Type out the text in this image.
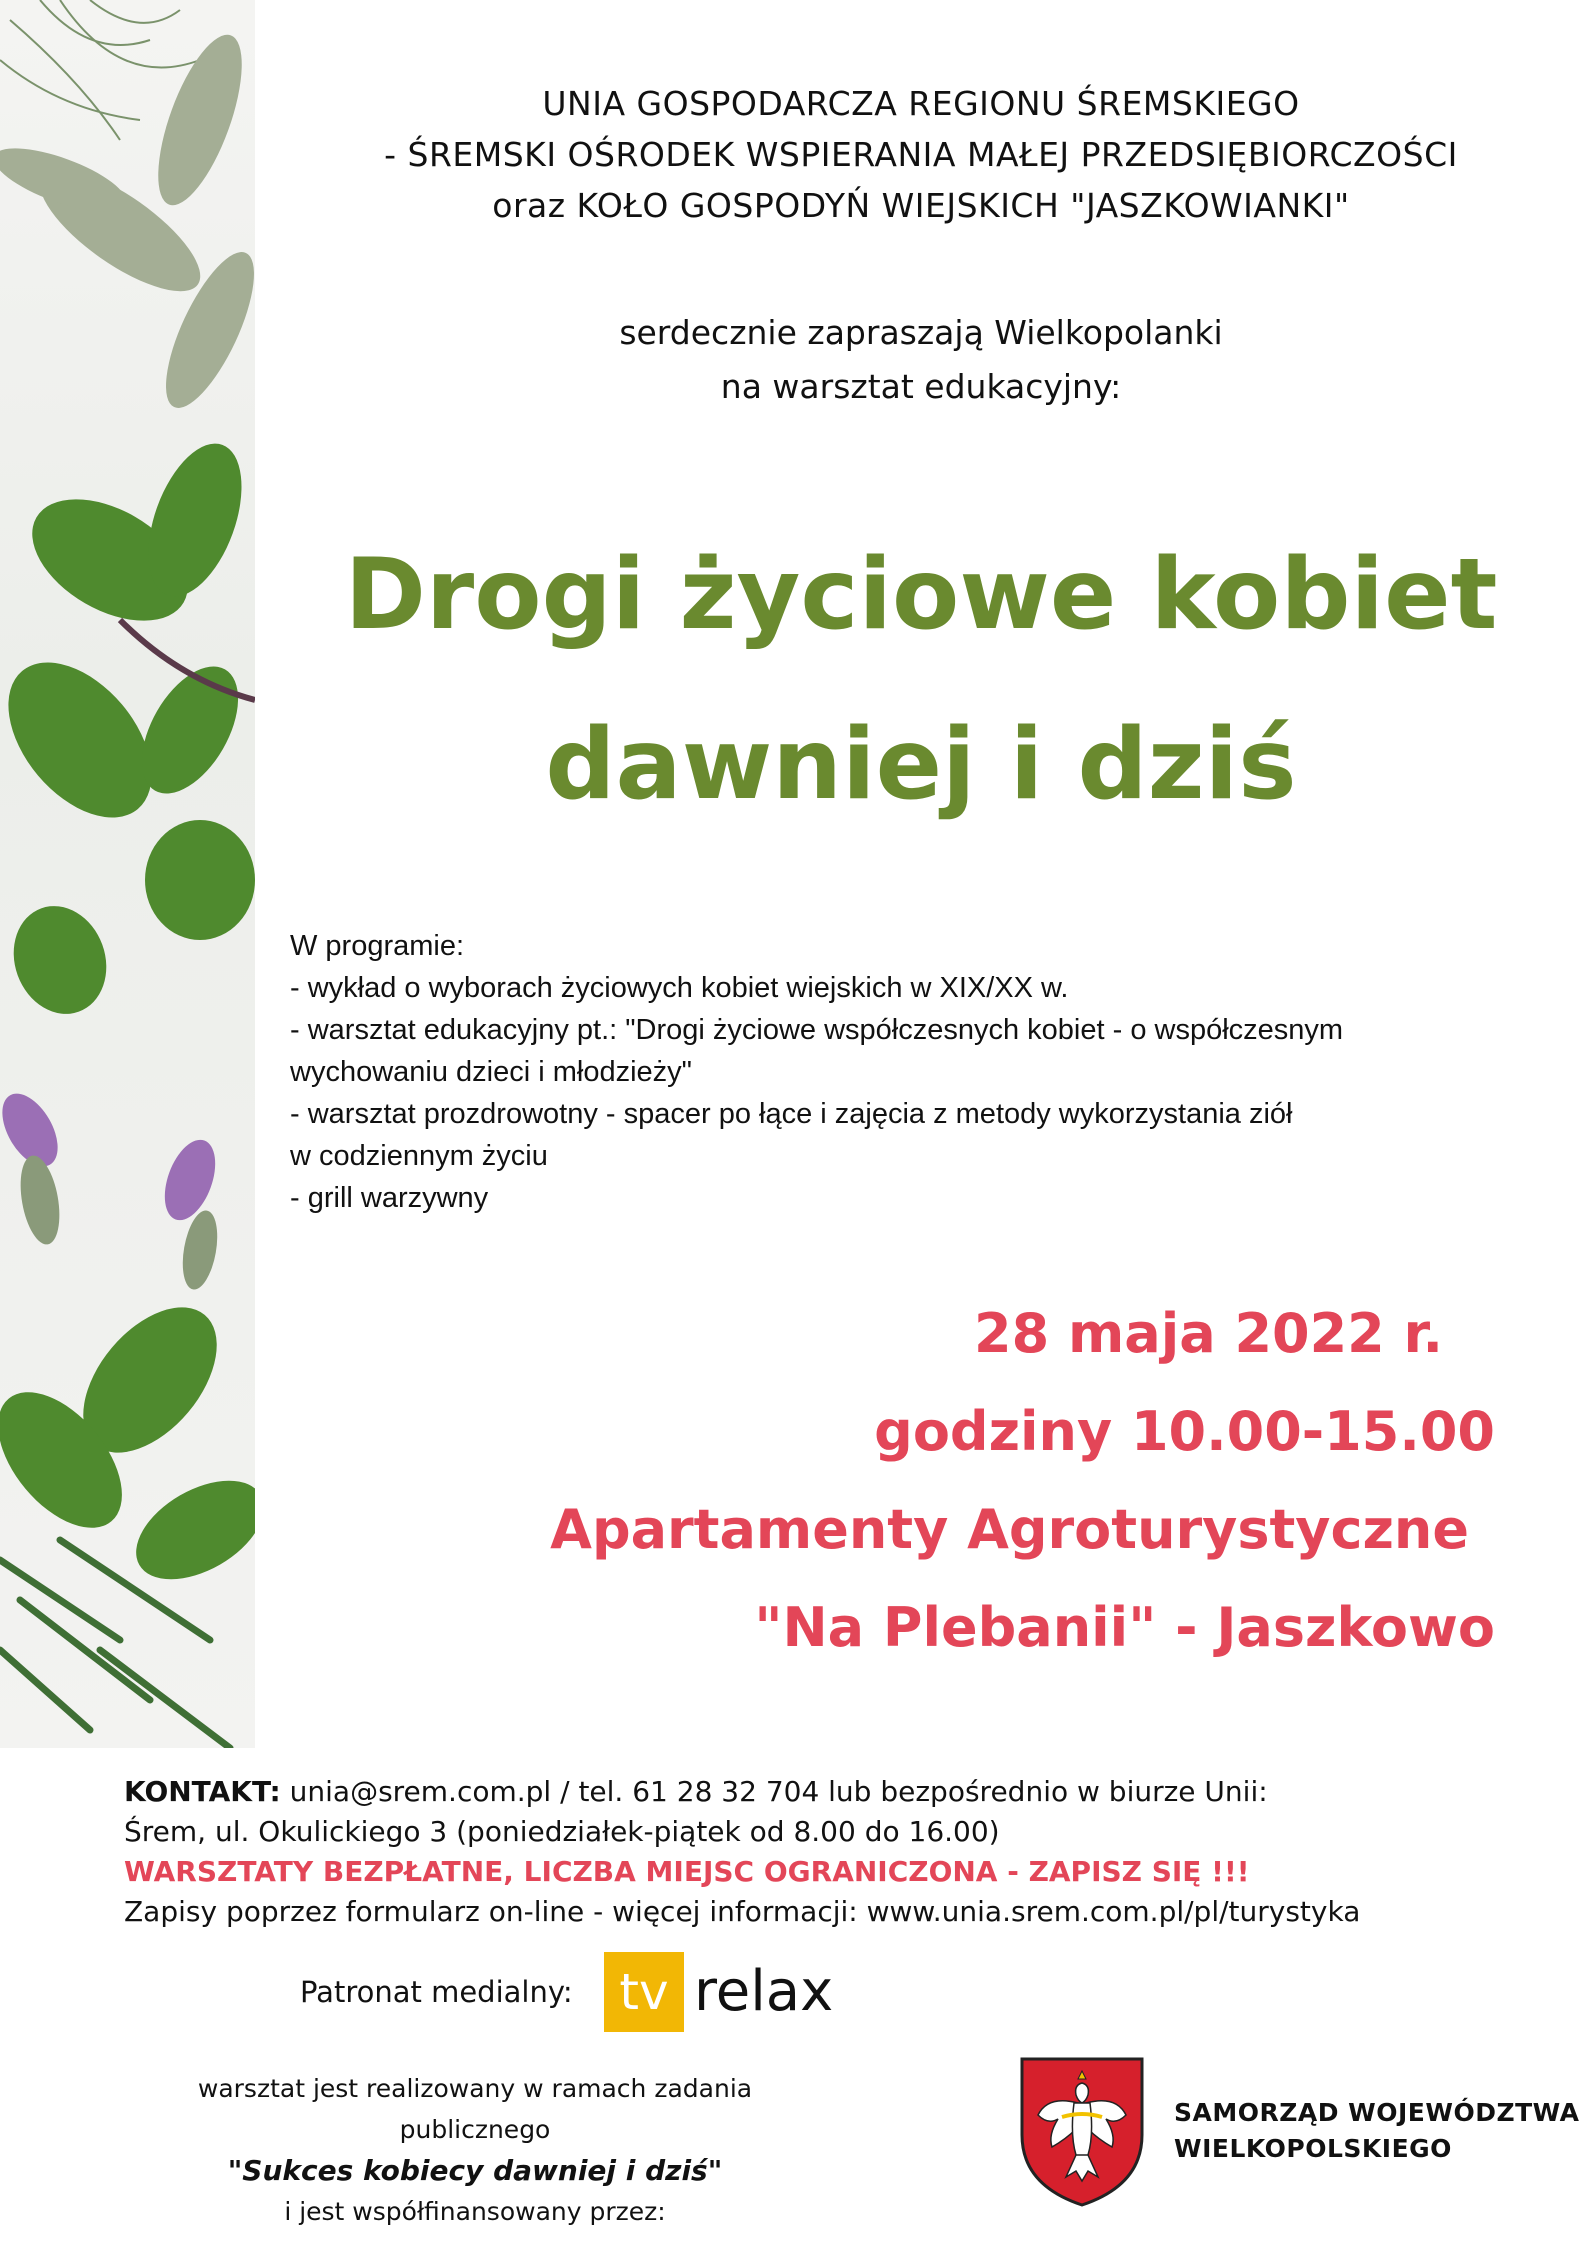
UNIA GOSPODARCZA REGIONU ŚREMSKIEGO
- ŚREMSKI OŚRODEK WSPIERANIA MAŁEJ PRZEDSIĘBIORCZOŚCI
oraz KOŁO GOSPODYŃ WIEJSKICH "JASZKOWIANKI"
serdecznie zapraszają Wielkopolanki
na warsztat edukacyjny:
Drogi życiowe kobiet
dawniej i dziś
W programie:
- wykład o wyborach życiowych kobiet wiejskich w XIX/XX w.
- warsztat edukacyjny pt.: "Drogi życiowe współczesnych kobiet - o współczesnym
wychowaniu dzieci i młodzieży"
- warsztat prozdrowotny - spacer po łące i zajęcia z metody wykorzystania ziół
w codziennym życiu
- grill warzywny
28 maja 2022 r.
godziny 10.00-15.00
Apartamenty Agroturystyczne
"Na Plebanii" - Jaszkowo
KONTAKT: unia@srem.com.pl / tel. 61 28 32 704 lub bezpośrednio w biurze Unii:
Śrem, ul. Okulickiego 3 (poniedziałek-piątek od 8.00 do 16.00)
WARSZTATY BEZPŁATNE, LICZBA MIEJSC OGRANICZONA - ZAPISZ SIĘ !!!
Zapisy poprzez formularz on-line - więcej informacji: www.unia.srem.com.pl/pl/turystyka
Patronat medialny: tv relax
warsztat jest realizowany w ramach zadania publicznego
"Sukces kobiecy dawniej i dziś"
i jest współfinansowany przez:
SAMORZĄD WOJEWÓDZTWA
WIELKOPOLSKIEGO
